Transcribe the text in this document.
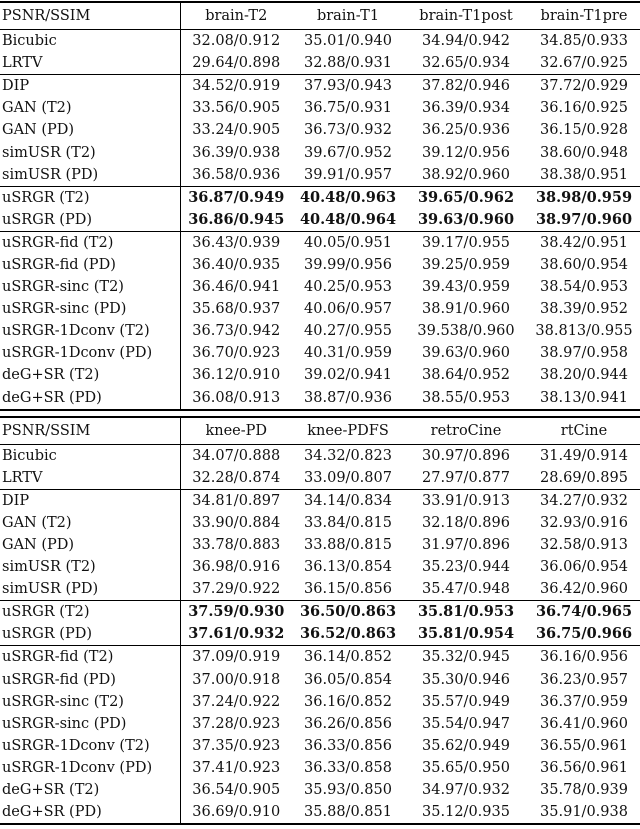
PSNR/SSIM	brain-T2	brain-T1	brain-T1post	brain-T1pre
Bicubic	32.08/0.912	35.01/0.940	34.94/0.942	34.85/0.933
LRTV	29.64/0.898	32.88/0.931	32.65/0.934	32.67/0.925
DIP	34.52/0.919	37.93/0.943	37.82/0.946	37.72/0.929
GAN (T2)	33.56/0.905	36.75/0.931	36.39/0.934	36.16/0.925
GAN (PD)	33.24/0.905	36.73/0.932	36.25/0.936	36.15/0.928
simUSR (T2)	36.39/0.938	39.67/0.952	39.12/0.956	38.60/0.948
simUSR (PD)	36.58/0.936	39.91/0.957	38.92/0.960	38.38/0.951
uSRGR (T2)	36.87/0.949	40.48/0.963	39.65/0.962	38.98/0.959
uSRGR (PD)	36.86/0.945	40.48/0.964	39.63/0.960	38.97/0.960
uSRGR-fid (T2)	36.43/0.939	40.05/0.951	39.17/0.955	38.42/0.951
uSRGR-fid (PD)	36.40/0.935	39.99/0.956	39.25/0.959	38.60/0.954
uSRGR-sinc (T2)	36.46/0.941	40.25/0.953	39.43/0.959	38.54/0.953
uSRGR-sinc (PD)	35.68/0.937	40.06/0.957	38.91/0.960	38.39/0.952
uSRGR-1Dconv (T2)	36.73/0.942	40.27/0.955	39.538/0.960	38.813/0.955
uSRGR-1Dconv (PD)	36.70/0.923	40.31/0.959	39.63/0.960	38.97/0.958
deG+SR (T2)	36.12/0.910	39.02/0.941	38.64/0.952	38.20/0.944
deG+SR (PD)	36.08/0.913	38.87/0.936	38.55/0.953	38.13/0.941

PSNR/SSIM	knee-PD	knee-PDFS	retroCine	rtCine
Bicubic	34.07/0.888	34.32/0.823	30.97/0.896	31.49/0.914
LRTV	32.28/0.874	33.09/0.807	27.97/0.877	28.69/0.895
DIP	34.81/0.897	34.14/0.834	33.91/0.913	34.27/0.932
GAN (T2)	33.90/0.884	33.84/0.815	32.18/0.896	32.93/0.916
GAN (PD)	33.78/0.883	33.88/0.815	31.97/0.896	32.58/0.913
simUSR (T2)	36.98/0.916	36.13/0.854	35.23/0.944	36.06/0.954
simUSR (PD)	37.29/0.922	36.15/0.856	35.47/0.948	36.42/0.960
uSRGR (T2)	37.59/0.930	36.50/0.863	35.81/0.953	36.74/0.965
uSRGR (PD)	37.61/0.932	36.52/0.863	35.81/0.954	36.75/0.966
uSRGR-fid (T2)	37.09/0.919	36.14/0.852	35.32/0.945	36.16/0.956
uSRGR-fid (PD)	37.00/0.918	36.05/0.854	35.30/0.946	36.23/0.957
uSRGR-sinc (T2)	37.24/0.922	36.16/0.852	35.57/0.949	36.37/0.959
uSRGR-sinc (PD)	37.28/0.923	36.26/0.856	35.54/0.947	36.41/0.960
uSRGR-1Dconv (T2)	37.35/0.923	36.33/0.856	35.62/0.949	36.55/0.961
uSRGR-1Dconv (PD)	37.41/0.923	36.33/0.858	35.65/0.950	36.56/0.961
deG+SR (T2)	36.54/0.905	35.93/0.850	34.97/0.932	35.78/0.939
deG+SR (PD)	36.69/0.910	35.88/0.851	35.12/0.935	35.91/0.938
